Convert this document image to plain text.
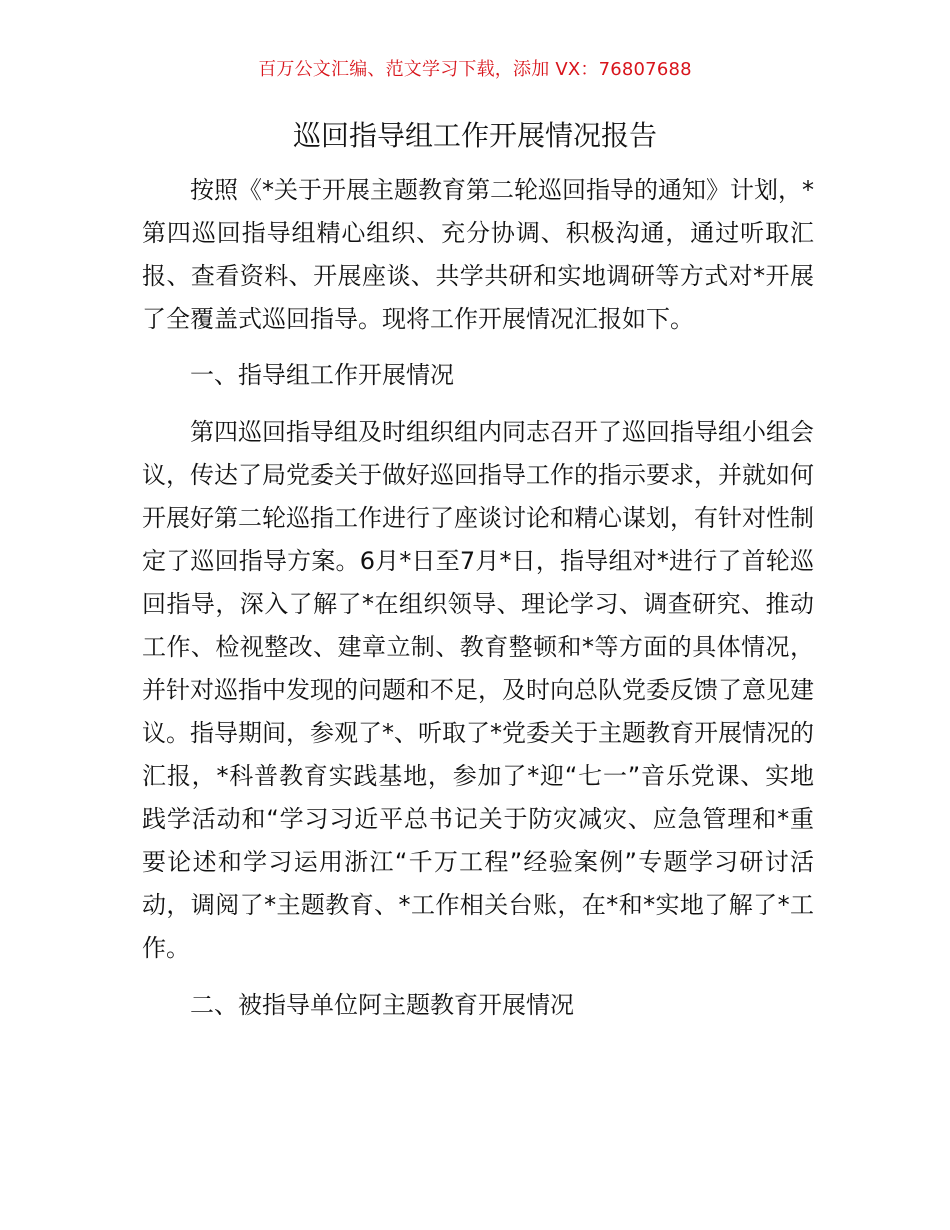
百万公文汇编、范文学习下载，添加 VX：76807688
巡回指导组工作开展情况报告

按照《*关于开展主题教育第二轮巡回指导的通知》计划，*第四巡回指导组精心组织、充分协调、积极沟通，通过听取汇报、查看资料、开展座谈、共学共研和实地调研等方式对*开展了全覆盖式巡回指导。现将工作开展情况汇报如下。

一、指导组工作开展情况

第四巡回指导组及时组织组内同志召开了巡回指导组小组会议，传达了局党委关于做好巡回指导工作的指示要求，并就如何开展好第二轮巡指工作进行了座谈讨论和精心谋划，有针对性制定了巡回指导方案。6月*日至7月*日，指导组对*进行了首轮巡回指导，深入了解了*在组织领导、理论学习、调查研究、推动工作、检视整改、建章立制、教育整顿和*等方面的具体情况，并针对巡指中发现的问题和不足，及时向总队党委反馈了意见建议。指导期间，参观了*、听取了*党委关于主题教育开展情况的汇报，*科普教育实践基地，参加了*迎“七一”音乐党课、实地践学活动和“学习习近平总书记关于防灾减灾、应急管理和*重要论述和学习运用浙江“千万工程”经验案例”专题学习研讨活动，调阅了*主题教育、*工作相关台账，在*和*实地了解了*工作。

二、被指导单位阿主题教育开展情况
